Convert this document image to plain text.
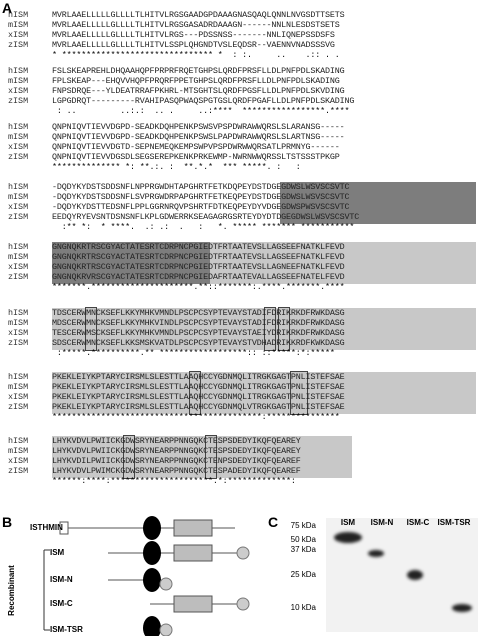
A
hISM	MVRLAAELLLLLGLLLLTLHITVLRGSGAADGPDAAAGNASQAQLQNNLNVGSDTTSETS
mISM	MVRLAAELLLLLGLLLLTLHITVLRGSGASADRDAAAGN------NNLNLESDSTSETS
xISM	MVRLAAELLLLLGLLLLTLHITVLRGS---PDSSNSS-------NNLIQNEPSSDSFS
zISM	MVRLAAELLLLLGLLLLTLHITVLSSPLQHGNDTVSLEQDSR--VAENNVNADSSSVG
* ******************************* *  : :.     ..    .:: . .
hISM	FSLSKEAPREHLDHQAAHQPFPRPRFRQETGHPSLQRDFPRSFLLDLPNFPDLSKADING
mISM	FPLSKEAP---EHQVVHQPFPRQRFPPETGHPSLQRDFPRSFLLDLPNFPDLSKADING
xISM	FNPSDRQE---YLDEATRRAFPKHRL-MTSGHTSLQRDFPGSFLLDLPNFPDLSKVDING
zISM	LGPGDRQT---------RVAHIPASQPWAQSPGTGSLQRDFPGAFLLDLPNFPDLSKADING
: ..         ..:.:  .. .     ..:****  *****************.****
hISM	QNPNIQVTIEVVDGPD-SEADKDQHPENKPSWSVPSPDWRAWWQRSLSLARANSG-----
mISM	QNPNIQVTIEVVDGPD-SEADKDQHPENKPSWSLPAPDWRAWWQRSLSLARTNSG-----
xISM	QNPNIQVTIEVVDGTD-SEPNEMEQKEMPSWPVPSPDWRWWQRSATLPRMNYG------
zISM	QNPNIQVTIEVVDGSDLSEGSEREPKENKPRKEWMP-NWRNWWQRSSLTSTSSSTPKGP
************** *: **.:. :  **.*.*  *** *****. :   :
hISM	-DQDYKYDSTSDDSNFLNPPRGWDHTAPGHRTFETKDQPEYDSTDGEGDWSLWSVSCSVTC
mISM	-DQDYKYDSTSDDSNFLSVPRGWDRPAPGHRTFETKEQPEYDSTDGEGDWSLWSVSCSVTC
xISM	-DQDYKYDSTTEDSNFLPPLGGRNRQVPSHRTFDTKEQPEYDYVDGEGDWSPWSVSCSVTC
zISM	EEDQYRYEVSNTDSNSNFLKPLGDWERRKSEAGAGRGSRTEYDYDTDGEGDWSLWSVSCSVTC
:** *:  * ****.  .: .:  .   :   *. ***** ******* ***********
hISM	GNGNQKRTRSCGYACTATESRTCDRPNCPGIEDTFRTAATEVSLLAGSEEFNATKLFEVD
mISM	GNGNQKRTRSCGYACTATESRTCDRPNCPGIEDTFRTAATEVSLLAGSEEFNATKLFEVD
xISM	GNGNQKRTRSCGYACTATESRTCDRPNCPGIEDTFRTAATEVSLLAGNEEFNATKLFEVD
zISM	GNGNQKRVRSCGYACTATESRTCDRPNCPGIEDAFRTAATEVALLAGSEEFNATELFEVD
*******.*********************.**::*******:.****.*******.****
hISM	TDSCERWMNCKSEFLKKYMHKVMNDLPSCPCSYPTEVAYSTADIFDRIKRKDFRWKDASG
mISM	MDSCERWMNCKSEFLKKYMHKVINDLPSCPCSYPTEVAYSTADIFDRIKRKDFRWKDASG
xISM	TESCERWMSCKSEFLKKYMHKVMNDLPSCPCSYPTEVAYSTAEIYDRIKRKDFRWKDASG
zISM	SDSCERWMNCKSEFLKKSMSKVATDLPSCPCSYPTEVAYSTVDHADRIKKRDFKWKDASG
:*****.**********.** ******************:: ::*****:*:*****
hISM	PKEKLEIYKPTARYCIRSMLSLESTTLAAQHCCYGDNMQLITRGKGAGTPNLISTEFSAE
mISM	PKEKLEIYKPTARYCIRSMLSLESTTLAAQHCCYGDNMQLITRGKGAGTPNLISTEFSAE
xISM	PKEKLEIYKPTARYCIRSMLSLESTTLAAQHCCYGDNMQLITRGKGAGTPNLISTEFSAE
zISM	PKEKLEIYKPTARYCIRSMLSLESTTLAAQHCCYGDNMQLVTRGKGAGTPNLISTEFSAE
*******************************************:***************
hISM	LHYKVDVLPWIICKGDWSRYNEARPPNNGQKCTESPSDEDYIKQFQEAREY
mISM	LHYKVDVLPWIICKGDWSRYNEARPPNNGQKCTESPSDEDYIKQFQEAREY
xISM	LHYKVDILPWIICKGDWSRYNEARPPNNGQKCTENPSDEDYIKQFQEAREF
zISM	LHYKVDVLPWIMCKGDWSRYNEARPPNNGQKCTESPADEDYIKQFQEAREF
******:****:*********************.*:*************:
B ISTHMIN
ISM
ISM-N
ISM-C
ISM-TSR
Recombinant
C	ISM	ISM-N	ISM-C	ISM-TSR
75 kDa
50 kDa
37 kDa
25 kDa
10 kDa
